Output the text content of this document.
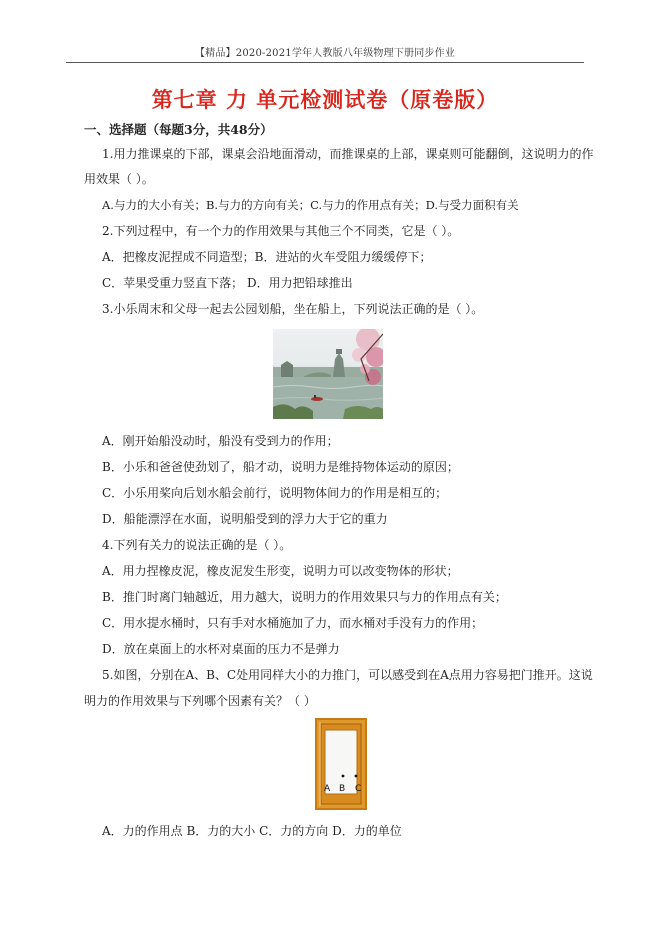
【精品】2020-2021学年人教版八年级物理下册同步作业
第七章 力 单元检测试卷（原卷版）
一、选择题（每题3分，共48分）
1.用力推课桌的下部，课桌会沿地面滑动，而推课桌的上部，课桌则可能翻倒，这说明力的作
用效果（ ）。
A.与力的大小有关；B.与力的方向有关；C.与力的作用点有关；D.与受力面积有关
2.下列过程中，有一个力的作用效果与其他三个不同类，它是（ ）。
A．把橡皮泥捏成不同造型；B．进站的火车受阻力缓缓停下；
C．苹果受重力竖直下落； D．用力把铅球推出
3.小乐周末和父母一起去公园划船，坐在船上，下列说法正确的是（ ）。
A．刚开始船没动时，船没有受到力的作用；
B．小乐和爸爸使劲划了，船才动，说明力是维持物体运动的原因；
C．小乐用桨向后划水船会前行，说明物体间力的作用是相互的；
D．船能漂浮在水面，说明船受到的浮力大于它的重力
4.下列有关力的说法正确的是（ ）。
A．用力捏橡皮泥，橡皮泥发生形变，说明力可以改变物体的形状；
B．推门时离门轴越近，用力越大，说明力的作用效果只与力的作用点有关；
C．用水提水桶时，只有手对水桶施加了力，而水桶对手没有力的作用；
D．放在桌面上的水杯对桌面的压力不是弹力
5.如图，分别在A、B、C处用同样大小的力推门，可以感受到在A点用力容易把门推开。这说
明力的作用效果与下列哪个因素有关？（ ）
A B C
A．力的作用点 B．力的大小 C．力的方向 D．力的单位
